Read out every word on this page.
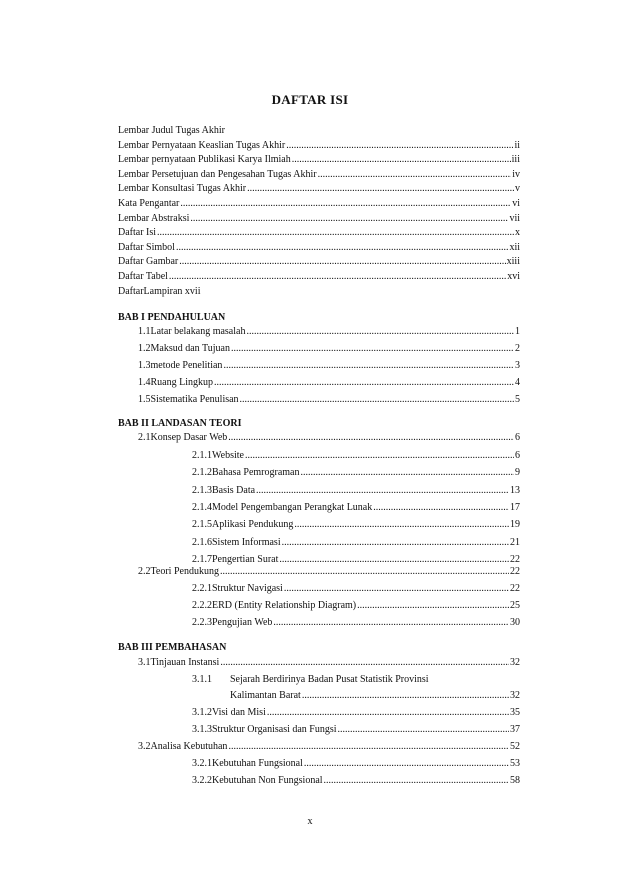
DAFTAR ISI
Lembar Judul Tugas Akhir
Lembar Pernyataan Keaslian Tugas Akhir .....	ii
Lembar pernyataan Publikasi Karya Ilmiah .....	iii
Lembar Persetujuan dan Pengesahan Tugas Akhir .....	iv
Lembar Konsultasi Tugas Akhir .....	v
Kata Pengantar .....	vi
Lembar Abstraksi .....	vii
Daftar Isi .....	x
Daftar Simbol .....	xii
Daftar Gambar .....	xiii
Daftar Tabel .....	xvi
DaftarLampiran xvii
BAB I PENDAHULUAN
1.1 Latar belakang masalah .....	1
1.2 Maksud dan Tujuan .....	2
1.3 metode Penelitian .....	3
1.4 Ruang Lingkup .....	4
1.5 Sistematika Penulisan .....	5
BAB II LANDASAN TEORI
2.1 Konsep Dasar Web .....	6
2.1.1 Website .....	6
2.1.2 Bahasa Pemrograman .....	9
2.1.3 Basis Data .....	13
2.1.4 Model Pengembangan Perangkat Lunak .....	17
2.1.5 Aplikasi Pendukung .....	19
2.1.6 Sistem Informasi .....	21
2.1.7 Pengertian Surat .....	22
2.2 Teori Pendukung .....	22
2.2.1 Struktur Navigasi .....	22
2.2.2 ERD (Entity Relationship Diagram) .....	25
2.2.3 Pengujian Web .....	30
BAB III PEMBAHASAN
3.1 Tinjauan Instansi .....	32
3.1.1	Sejarah Berdirinya Badan Pusat Statistik Provinsi
Kalimantan Barat .....	32
3.1.2 Visi dan Misi .....	35
3.1.3 Struktur Organisasi dan Fungsi .....	37
3.2 Analisa Kebutuhan .....	52
3.2.1 Kebutuhan Fungsional .....	53
3.2.2 Kebutuhan Non Fungsional .....	58
x
